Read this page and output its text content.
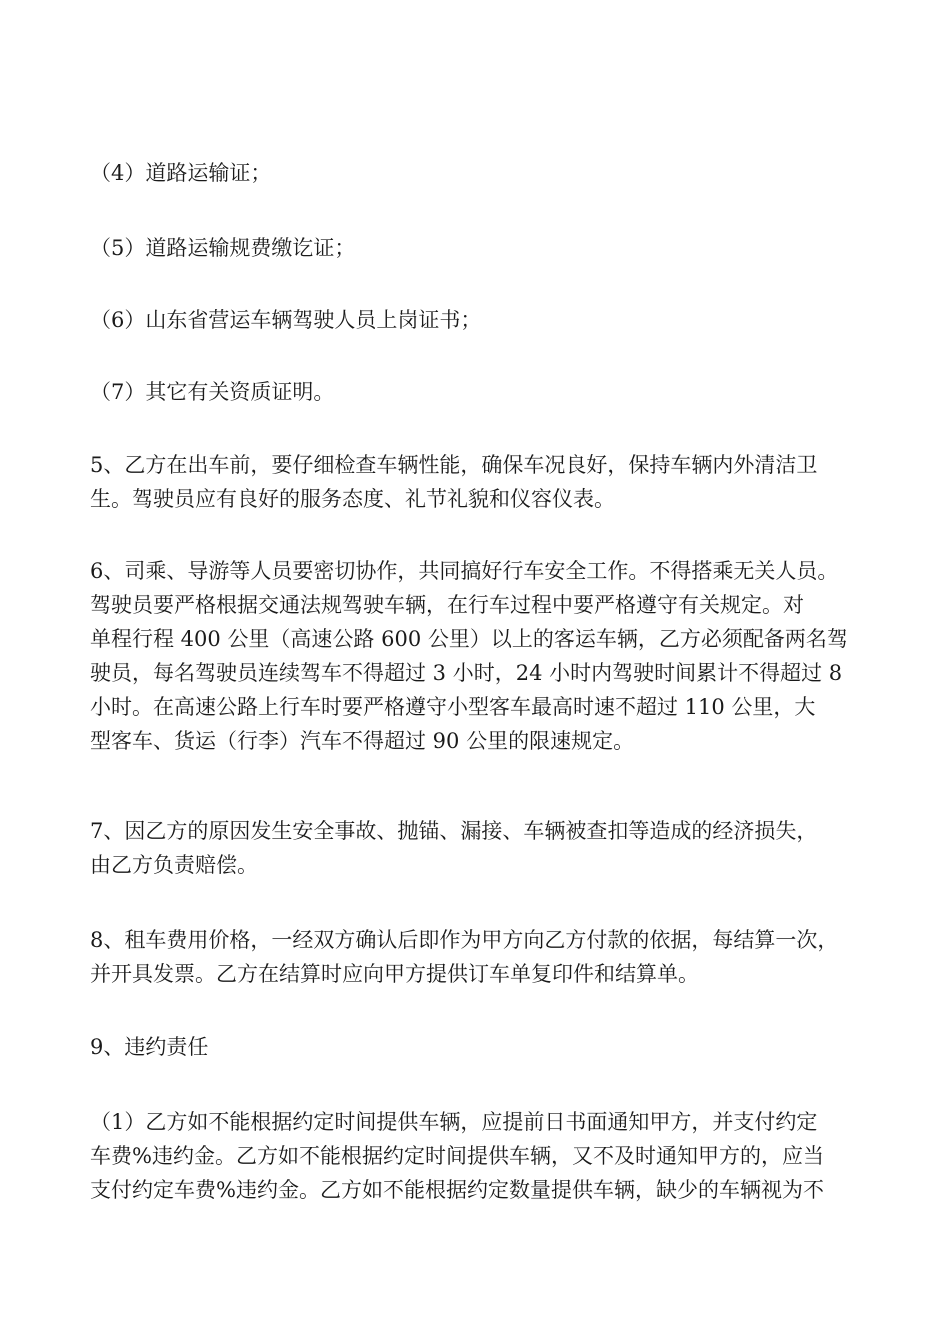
（4）道路运输证；

（5）道路运输规费缴讫证；

（6）山东省营运车辆驾驶人员上岗证书；

（7）其它有关资质证明。

5、乙方在出车前，要仔细检查车辆性能，确保车况良好，保持车辆内外清洁卫
生。驾驶员应有良好的服务态度、礼节礼貌和仪容仪表。

6、司乘、导游等人员要密切协作，共同搞好行车安全工作。不得搭乘无关人员。
驾驶员要严格根据交通法规驾驶车辆，在行车过程中要严格遵守有关规定。对
单程行程 400 公里（高速公路 600 公里）以上的客运车辆，乙方必须配备两名驾
驶员，每名驾驶员连续驾车不得超过 3 小时，24 小时内驾驶时间累计不得超过 8
小时。在高速公路上行车时要严格遵守小型客车最高时速不超过 110 公里，大
型客车、货运（行李）汽车不得超过 90 公里的限速规定。

7、因乙方的原因发生安全事故、抛锚、漏接、车辆被查扣等造成的经济损失，
由乙方负责赔偿。

8、租车费用价格，一经双方确认后即作为甲方向乙方付款的依据，每结算一次，
并开具发票。乙方在结算时应向甲方提供订车单复印件和结算单。

9、违约责任

（1）乙方如不能根据约定时间提供车辆，应提前日书面通知甲方，并支付约定
车费%违约金。乙方如不能根据约定时间提供车辆，又不及时通知甲方的，应当
支付约定车费%违约金。乙方如不能根据约定数量提供车辆，缺少的车辆视为不
